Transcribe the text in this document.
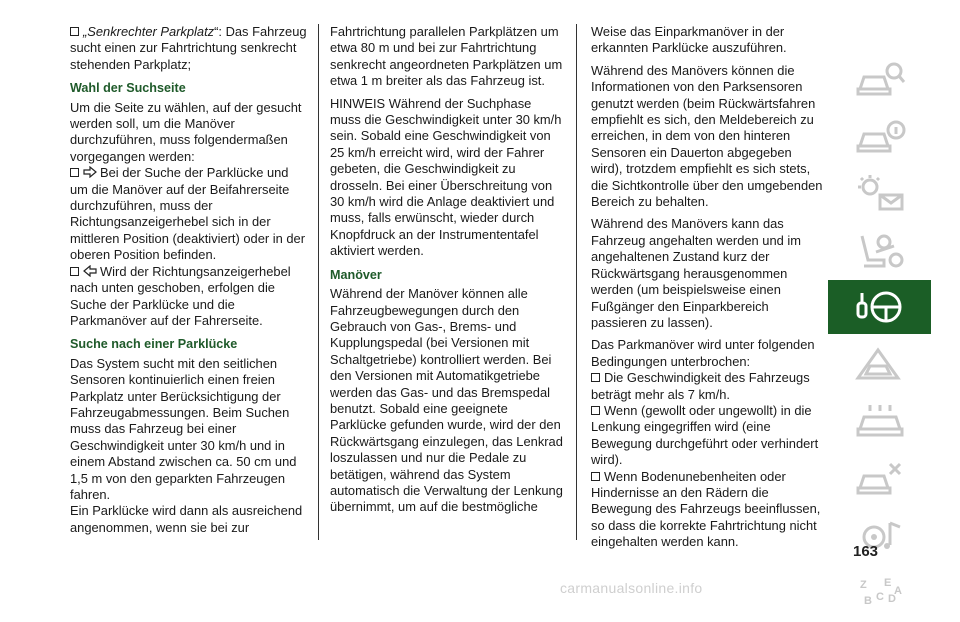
„Senkrechter Parkplatz“: Das Fahrzeug sucht einen zur Fahrtrichtung senkrecht stehenden Parkplatz;

Wahl der Suchseite

Um die Seite zu wählen, auf der gesucht werden soll, um die Manöver durchzuführen, muss folgendermaßen vorgegangen werden:

Bei der Suche der Parklücke und um die Manöver auf der Beifahrerseite durchzuführen, muss der Richtungsanzeigerhebel sich in der mittleren Position (deaktiviert) oder in der oberen Position befinden.

Wird der Richtungsanzeigerhebel nach unten geschoben, erfolgen die Suche der Parklücke und die Parkmanöver auf der Fahrerseite.

Suche nach einer Parklücke

Das System sucht mit den seitlichen Sensoren kontinuierlich einen freien Parkplatz unter Berücksichtigung der Fahrzeugabmessungen. Beim Suchen muss das Fahrzeug bei einer Geschwindigkeit unter 30 km/h und in einem Abstand zwischen ca. 50 cm und 1,5 m von den geparkten Fahrzeugen fahren.

Ein Parklücke wird dann als ausreichend angenommen, wenn sie bei zur

Fahrtrichtung parallelen Parkplätzen um etwa 80 m und bei zur Fahrtrichtung senkrecht angeordneten Parkplätzen um etwa 1 m breiter als das Fahrzeug ist.

HINWEIS Während der Suchphase muss die Geschwindigkeit unter 30 km/h sein. Sobald eine Geschwindigkeit von 25 km/h erreicht wird, wird der Fahrer gebeten, die Geschwindigkeit zu drosseln. Bei einer Überschreitung von 30 km/h wird die Anlage deaktiviert und muss, falls erwünscht, wieder durch Knopfdruck an der Instrumententafel aktiviert werden.

Manöver

Während der Manöver können alle Fahrzeugbewegungen durch den Gebrauch von Gas-, Brems- und Kupplungspedal (bei Versionen mit Schaltgetriebe) kontrolliert werden. Bei den Versionen mit Automatikgetriebe werden das Gas- und das Bremspedal benutzt. Sobald eine geeignete Parklücke gefunden wurde, wird der den Rückwärtsgang einzulegen, das Lenkrad loszulassen und nur die Pedale zu betätigen, während das System automatisch die Verwaltung der Lenkung übernimmt, um auf die bestmögliche

Weise das Einparkmanöver in der erkannten Parklücke auszuführen.

Während des Manövers können die Informationen von den Parksensoren genutzt werden (beim Rückwärtsfahren empfiehlt es sich, den Meldebereich zu erreichen, in dem von den hinteren Sensoren ein Dauerton abgegeben wird), trotzdem empfiehlt es sich stets, die Sichtkontrolle über den umgebenden Bereich zu behalten.

Während des Manövers kann das Fahrzeug angehalten werden und im angehaltenen Zustand kurz der Rückwärtsgang herausgenommen werden (um beispielsweise einen Fußgänger den Einparkbereich passieren zu lassen).

Das Parkmanöver wird unter folgenden Bedingungen unterbrochen:

Die Geschwindigkeit des Fahrzeugs beträgt mehr als 7 km/h.

Wenn (gewollt oder ungewollt) in die Lenkung eingegriffen wird (eine Bewegung durchgeführt oder verhindert wird).

Wenn Bodenunebenheiten oder Hindernisse an den Rädern die Bewegung des Fahrzeugs beeinflussen, so dass die korrekte Fahrtrichtung nicht eingehalten werden kann.

Z E
B C D
A
163
carmanualsonline.info
